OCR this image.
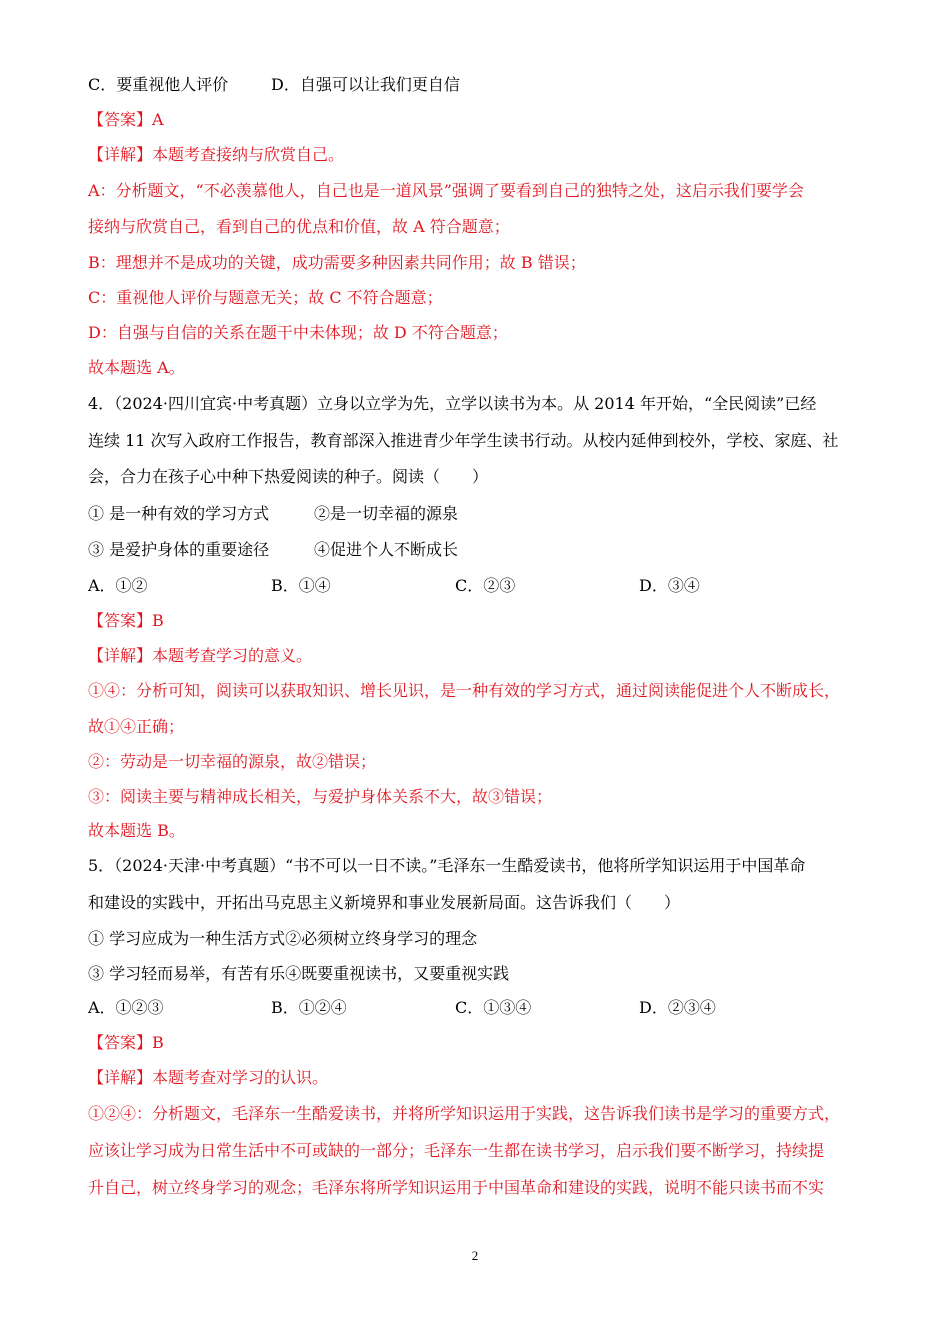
C．要重视他人评价	D．自强可以让我们更自信
【答案】A
【详解】本题考查接纳与欣赏自己。
A：分析题文，“不必羡慕他人，自己也是一道风景”强调了要看到自己的独特之处，这启示我们要学会
接纳与欣赏自己，看到自己的优点和价值，故 A 符合题意；
B：理想并不是成功的关键，成功需要多种因素共同作用；故 B 错误；
C：重视他人评价与题意无关；故 C 不符合题意；
D：自强与自信的关系在题干中未体现；故 D 不符合题意；
故本题选 A。
4．（2024·四川宜宾·中考真题）立身以立学为先，立学以读书为本。从 2014 年开始，“全民阅读”已经
连续 11 次写入政府工作报告，教育部深入推进青少年学生读书行动。从校内延伸到校外，学校、家庭、社
会，合力在孩子心中种下热爱阅读的种子。阅读（　　）
① 是一种有效的学习方式	②是一切幸福的源泉
③ 是爱护身体的重要途径	④促进个人不断成长
A．①②	B．①④	C．②③	D．③④
【答案】B
【详解】本题考查学习的意义。
①④：分析可知，阅读可以获取知识、增长见识，是一种有效的学习方式，通过阅读能促进个人不断成长，
故①④正确；
②：劳动是一切幸福的源泉，故②错误；
③：阅读主要与精神成长相关，与爱护身体关系不大，故③错误；
故本题选 B。
5．（2024·天津·中考真题）“书不可以一日不读。”毛泽东一生酷爱读书，他将所学知识运用于中国革命
和建设的实践中，开拓出马克思主义新境界和事业发展新局面。这告诉我们（　　）
① 学习应成为一种生活方式②必须树立终身学习的理念
③ 学习轻而易举，有苦有乐④既要重视读书，又要重视实践
A．①②③	B．①②④	C．①③④	D．②③④
【答案】B
【详解】本题考查对学习的认识。
①②④：分析题文，毛泽东一生酷爱读书，并将所学知识运用于实践，这告诉我们读书是学习的重要方式，
应该让学习成为日常生活中不可或缺的一部分；毛泽东一生都在读书学习，启示我们要不断学习，持续提
升自己，树立终身学习的观念；毛泽东将所学知识运用于中国革命和建设的实践，说明不能只读书而不实
2
